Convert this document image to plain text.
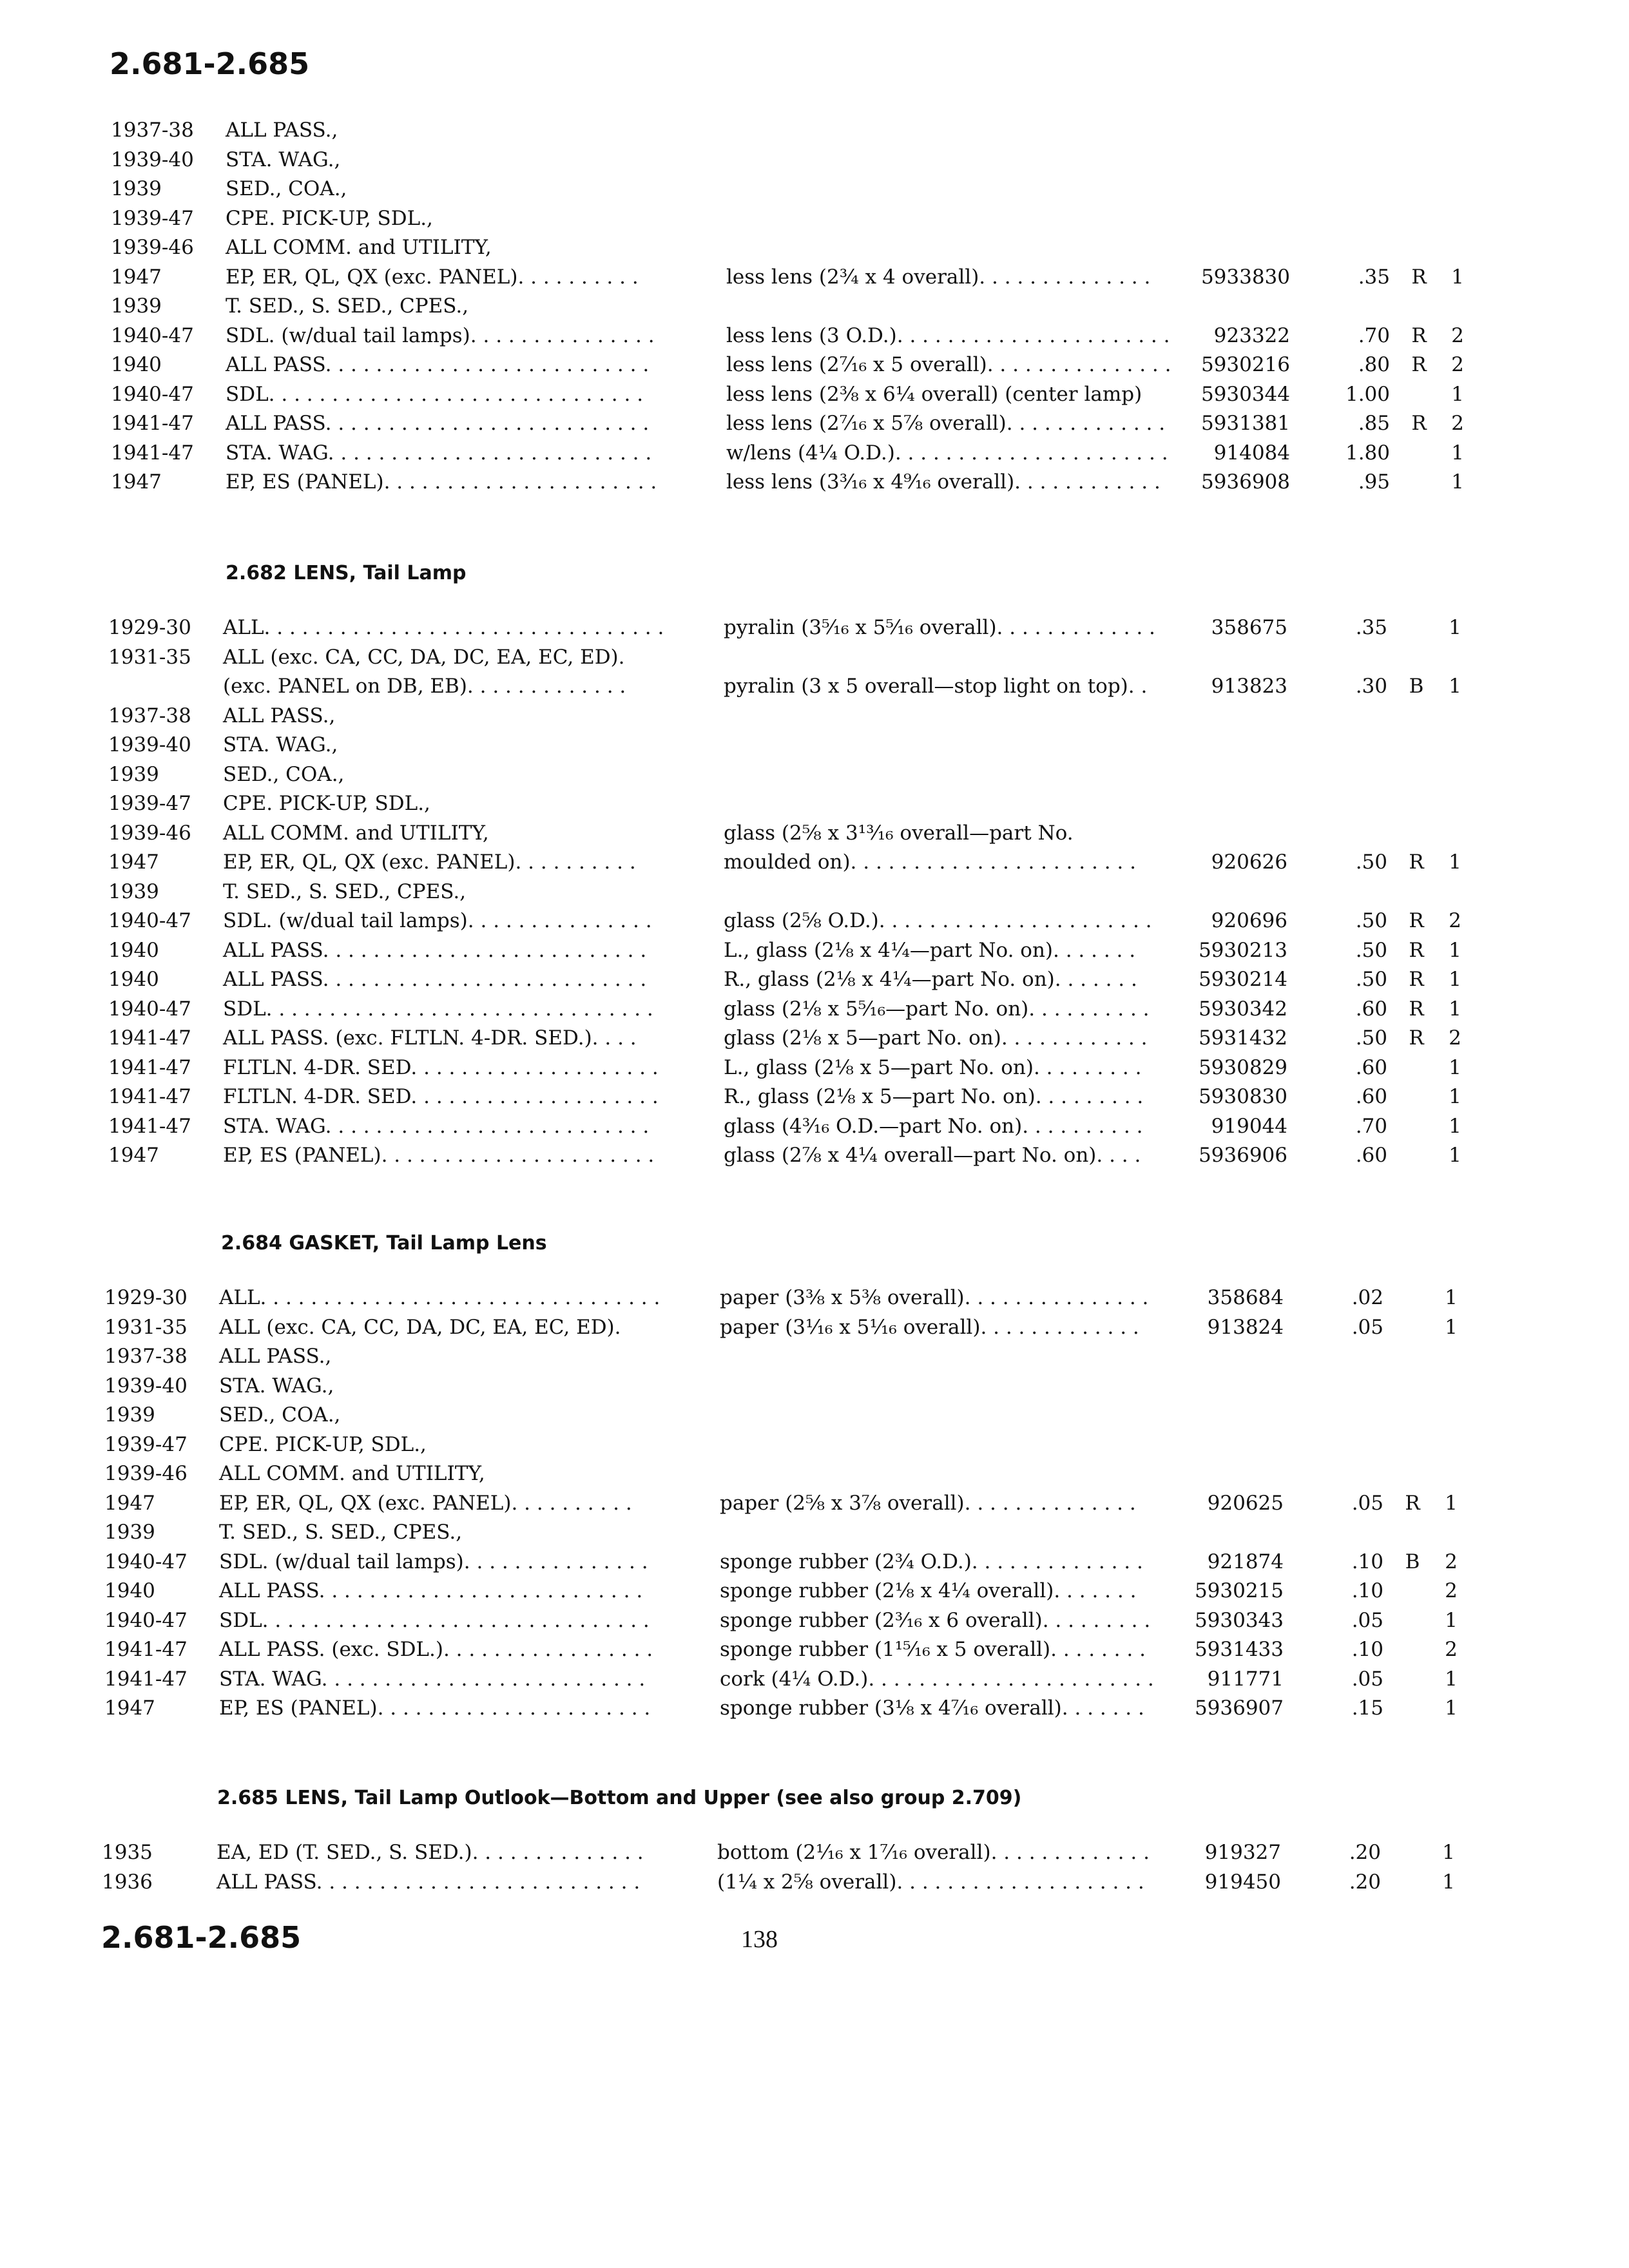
2.681-2.685
1937-38 ALL PASS.,
1939-40 STA. WAG.,
1939	SED., COA.,
1939-47 CPE. PICK-UP, SDL.,
1939-46 ALL COMM. and UTILITY,
1947	EP, ER, QL, QX (exc. PANEL). . . . . . . . . .	less lens (2¾ x 4 overall). . . . . . . . . . . . . .	5933830	.35 R	1
1939	T. SED., S. SED., CPES.,
1940-47 SDL. (w/dual tail lamps). . . . . . . . . . . . . . .	less lens (3 O.D.). . . . . . . . . . . . . . . . . . . . . .	923322	.70 R	2
1940	ALL PASS. . . . . . . . . . . . . . . . . . . . . . . . . .	less lens (2⁷⁄₁₆ x 5 overall). . . . . . . . . . . . . . .	5930216	.80 R	2
1940-47 SDL. . . . . . . . . . . . . . . . . . . . . . . . . . . . . .	less lens (2⅜ x 6¼ overall) (center lamp)	5930344	1.00	1
1941-47 ALL PASS. . . . . . . . . . . . . . . . . . . . . . . . . .	less lens (2⁷⁄₁₆ x 5⅞ overall). . . . . . . . . . . . .	5931381	.85 R	2
1941-47 STA. WAG. . . . . . . . . . . . . . . . . . . . . . . . . .	w/lens (4¼ O.D.). . . . . . . . . . . . . . . . . . . . . .	914084	1.80	1
1947	EP, ES (PANEL). . . . . . . . . . . . . . . . . . . . . .	less lens (3³⁄₁₆ x 4⁹⁄₁₆ overall). . . . . . . . . . . .	5936908	.95	1
2.682 LENS, Tail Lamp
1929-30 ALL. . . . . . . . . . . . . . . . . . . . . . . . . . . . . . . .	pyralin (3⁵⁄₁₆ x 5⁵⁄₁₆ overall). . . . . . . . . . . . .	358675	.35	1
1931-35 ALL (exc. CA, CC, DA, DC, EA, EC, ED).
(exc. PANEL on DB, EB). . . . . . . . . . . . .	pyralin (3 x 5 overall—stop light on top). .	913823	.30 B	1
1937-38 ALL PASS.,
1939-40 STA. WAG.,
1939	SED., COA.,
1939-47 CPE. PICK-UP, SDL.,
1939-46 ALL COMM. and UTILITY,	glass (2⅝ x 3¹³⁄₁₆ overall—part No.
1947	EP, ER, QL, QX (exc. PANEL). . . . . . . . . .	moulded on). . . . . . . . . . . . . . . . . . . . . . .	920626	.50 R	1
1939	T. SED., S. SED., CPES.,
1940-47 SDL. (w/dual tail lamps). . . . . . . . . . . . . . .	glass (2⅝ O.D.). . . . . . . . . . . . . . . . . . . . . .	920696	.50 R	2
1940	ALL PASS. . . . . . . . . . . . . . . . . . . . . . . . . .	L., glass (2⅛ x 4¼—part No. on). . . . . . .	5930213	.50 R	1
1940	ALL PASS. . . . . . . . . . . . . . . . . . . . . . . . . .	R., glass (2⅛ x 4¼—part No. on). . . . . . .	5930214	.50 R	1
1940-47 SDL. . . . . . . . . . . . . . . . . . . . . . . . . . . . . . .	glass (2⅛ x 5⁵⁄₁₆—part No. on). . . . . . . . . .	5930342	.60 R	1
1941-47 ALL PASS. (exc. FLTLN. 4-DR. SED.). . . .	glass (2⅛ x 5—part No. on). . . . . . . . . . . .	5931432	.50 R	2
1941-47 FLTLN. 4-DR. SED. . . . . . . . . . . . . . . . . . . .	L., glass (2⅛ x 5—part No. on). . . . . . . . .	5930829	.60	1
1941-47 FLTLN. 4-DR. SED. . . . . . . . . . . . . . . . . . . .	R., glass (2⅛ x 5—part No. on). . . . . . . . .	5930830	.60	1
1941-47 STA. WAG. . . . . . . . . . . . . . . . . . . . . . . . . .	glass (4³⁄₁₆ O.D.—part No. on). . . . . . . . . .	919044	.70	1
1947	EP, ES (PANEL). . . . . . . . . . . . . . . . . . . . . .	glass (2⅞ x 4¼ overall—part No. on). . . .	5936906	.60	1
2.684 GASKET, Tail Lamp Lens
1929-30 ALL. . . . . . . . . . . . . . . . . . . . . . . . . . . . . . . .	paper (3⅜ x 5⅜ overall). . . . . . . . . . . . . . .	358684	.02	1
1931-35 ALL (exc. CA, CC, DA, DC, EA, EC, ED).	paper (3¹⁄₁₆ x 5¹⁄₁₆ overall). . . . . . . . . . . . .	913824	.05	1
1937-38 ALL PASS.,
1939-40 STA. WAG.,
1939	SED., COA.,
1939-47 CPE. PICK-UP, SDL.,
1939-46 ALL COMM. and UTILITY,
1947	EP, ER, QL, QX (exc. PANEL). . . . . . . . . .	paper (2⅝ x 3⅞ overall). . . . . . . . . . . . . .	920625	.05 R	1
1939	T. SED., S. SED., CPES.,
1940-47 SDL. (w/dual tail lamps). . . . . . . . . . . . . . .	sponge rubber (2¾ O.D.). . . . . . . . . . . . . .	921874	.10 B	2
1940	ALL PASS. . . . . . . . . . . . . . . . . . . . . . . . . .	sponge rubber (2⅛ x 4¼ overall). . . . . . .	5930215	.10	2
1940-47 SDL. . . . . . . . . . . . . . . . . . . . . . . . . . . . . . .	sponge rubber (2³⁄₁₆ x 6 overall). . . . . . . . .	5930343	.05	1
1941-47 ALL PASS. (exc. SDL.). . . . . . . . . . . . . . . . .	sponge rubber (1¹⁵⁄₁₆ x 5 overall). . . . . . . .	5931433	.10	2
1941-47 STA. WAG. . . . . . . . . . . . . . . . . . . . . . . . . .	cork (4¼ O.D.). . . . . . . . . . . . . . . . . . . . . . .	911771	.05	1
1947	EP, ES (PANEL). . . . . . . . . . . . . . . . . . . . . .	sponge rubber (3⅛ x 4⁷⁄₁₆ overall). . . . . . .	5936907	.15	1
2.685 LENS, Tail Lamp Outlook—Bottom and Upper (see also group 2.709)
1935	EA, ED (T. SED., S. SED.). . . . . . . . . . . . . .	bottom (2¹⁄₁₆ x 1⁷⁄₁₆ overall). . . . . . . . . . . . .	919327	.20	1
1936	ALL PASS. . . . . . . . . . . . . . . . . . . . . . . . . .	(1¼ x 2⅝ overall). . . . . . . . . . . . . . . . . . . .	919450	.20	1
2.681-2.685	138
